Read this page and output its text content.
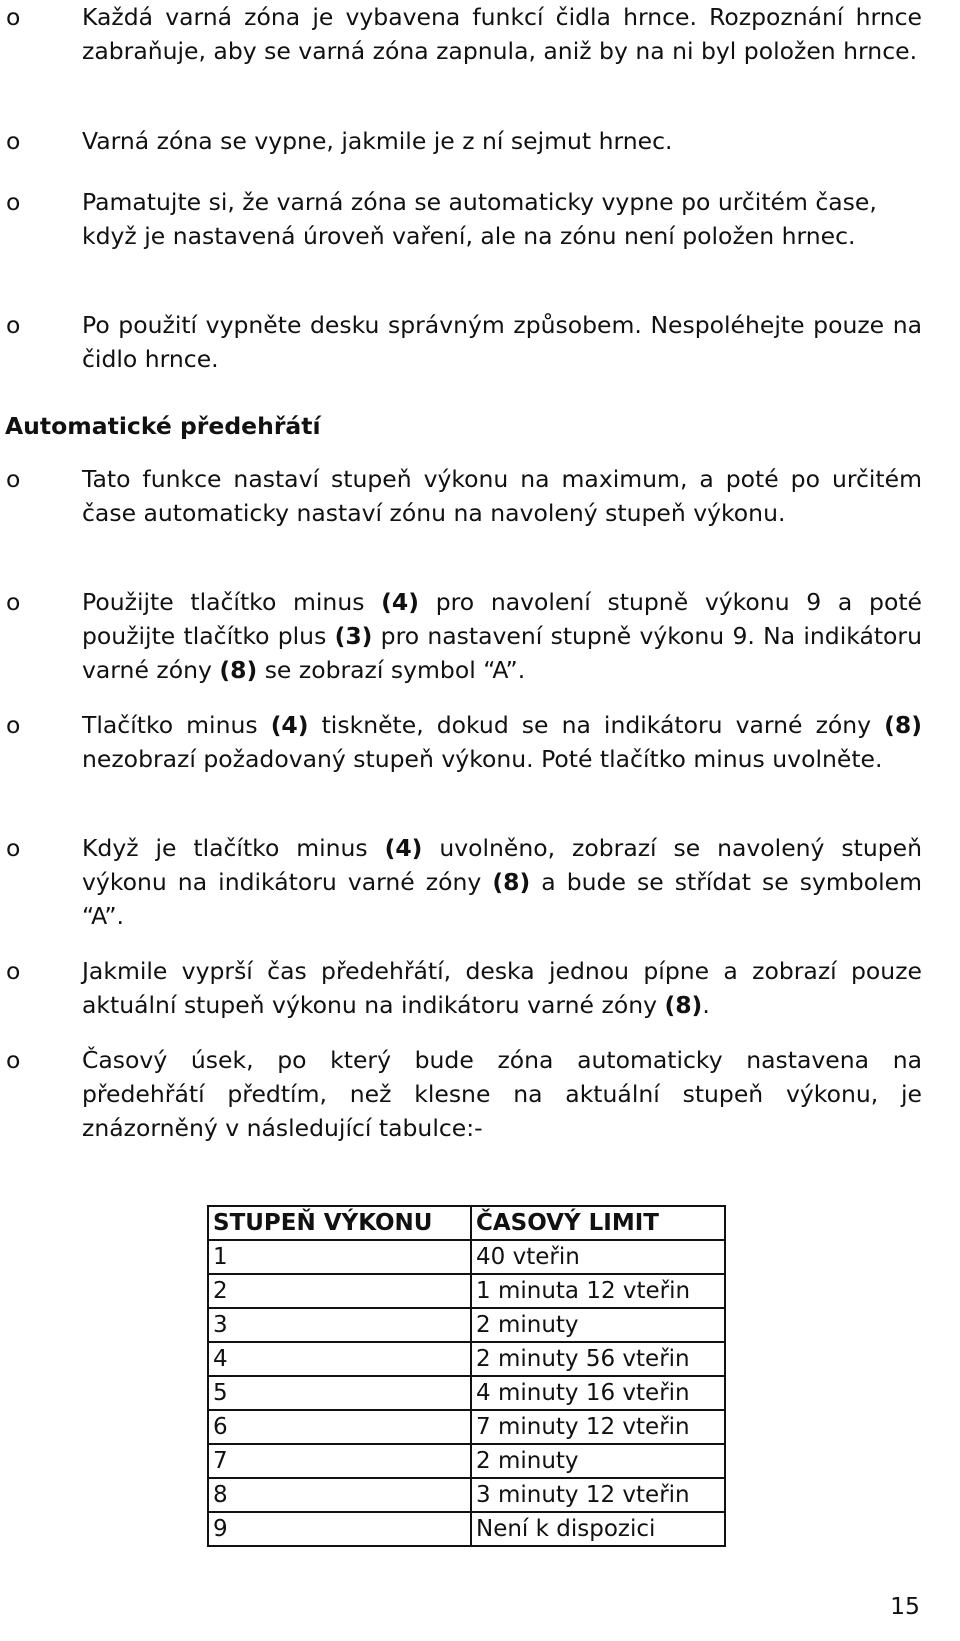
o	Každá varná zóna je vybavena funkcí čidla hrnce. Rozpoznání hrnce zabraňuje, aby se varná zóna zapnula, aniž by na ni byl položen hrnce.
o	Varná zóna se vypne, jakmile je z ní sejmut hrnec.
o	Pamatujte si, že varná zóna se automaticky vypne po určitém čase, když je nastavená úroveň vaření, ale na zónu není položen hrnec.
o	Po použití vypněte desku správným způsobem. Nespoléhejte pouze na čidlo hrnce.
Automatické předehřátí
o	Tato funkce nastaví stupeň výkonu na maximum, a poté po určitém čase automaticky nastaví zónu na navolený stupeň výkonu.
o	Použijte tlačítko minus (4) pro navolení stupně výkonu 9 a poté použijte tlačítko plus (3) pro nastavení stupně výkonu 9. Na indikátoru varné zóny (8) se zobrazí symbol “A”.
o	Tlačítko minus (4) tiskněte, dokud se na indikátoru varné zóny (8) nezobrazí požadovaný stupeň výkonu. Poté tlačítko minus uvolněte.
o	Když je tlačítko minus (4) uvolněno, zobrazí se navolený stupeň výkonu na indikátoru varné zóny (8) a bude se střídat se symbolem “A”.
o	Jakmile vyprší čas předehřátí, deska jednou pípne a zobrazí pouze aktuální stupeň výkonu na indikátoru varné zóny (8).
o	Časový úsek, po který bude zóna automaticky nastavena na předehřátí předtím, než klesne na aktuální stupeň výkonu, je znázorněný v následující tabulce:-
STUPEŇ VÝKONU	ČASOVÝ LIMIT
1	40 vteřin
2	1 minuta 12 vteřin
3	2 minuty
4	2 minuty 56 vteřin
5	4 minuty 16 vteřin
6	7 minuty 12 vteřin
7	2 minuty
8	3 minuty 12 vteřin
9	Není k dispozici
15
